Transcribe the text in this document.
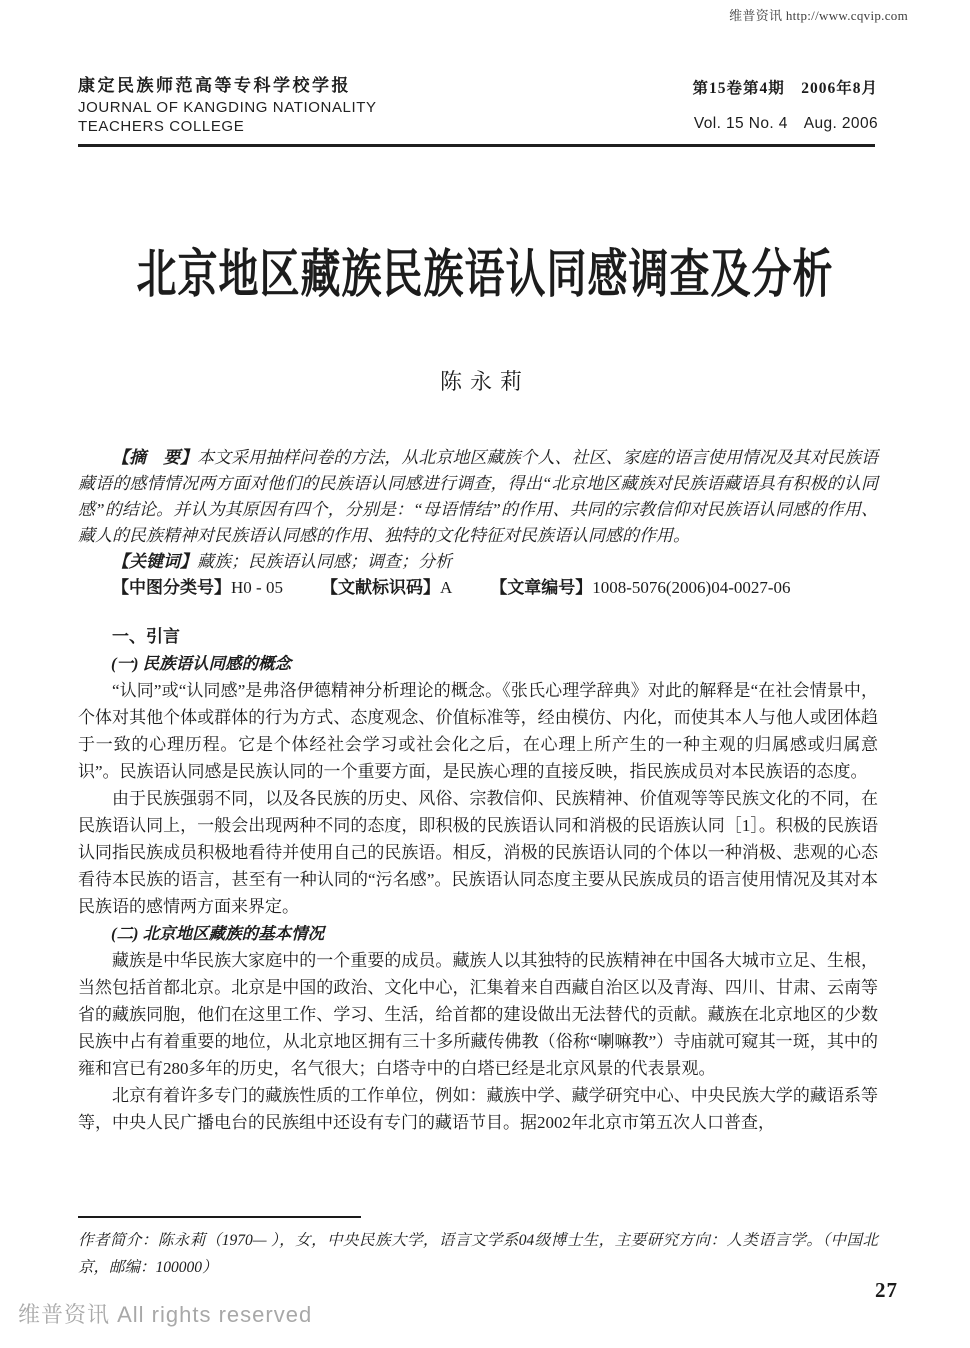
维普资讯 http://www.cqvip.com
康定民族师范高等专科学校学报
JOURNAL OF KANGDING NATIONALITY
TEACHERS COLLEGE
第15卷第4期　2006年8月
Vol. 15 No. 4　Aug. 2006
北京地区藏族民族语认同感调查及分析
陈永莉

【摘　要】本文采用抽样问卷的方法，从北京地区藏族个人、社区、家庭的语言使用情况及其对民族语藏语的感情情况两方面对他们的民族语认同感进行调查，得出“北京地区藏族对民族语藏语具有积极的认同感”的结论。并认为其原因有四个，分别是：“母语情结”的作用、共同的宗教信仰对民族语认同感的作用、藏人的民族精神对民族语认同感的作用、独特的文化特征对民族语认同感的作用。

【关键词】藏族；民族语认同感；调查；分析

【中图分类号】H0 - 05 【文献标识码】A 【文章编号】1008-5076(2006)04-0027-06

一、引言
(一) 民族语认同感的概念

“认同”或“认同感”是弗洛伊德精神分析理论的概念。《张氏心理学辞典》对此的解释是“在社会情景中，个体对其他个体或群体的行为方式、态度观念、价值标准等，经由模仿、内化，而使其本人与他人或团体趋于一致的心理历程。它是个体经社会学习或社会化之后，在心理上所产生的一种主观的归属感或归属意识”。民族语认同感是民族认同的一个重要方面，是民族心理的直接反映，指民族成员对本民族语的态度。

由于民族强弱不同，以及各民族的历史、风俗、宗教信仰、民族精神、价值观等等民族文化的不同，在民族语认同上，一般会出现两种不同的态度，即积极的民族语认同和消极的民语族认同［1］。积极的民族语认同指民族成员积极地看待并使用自己的民族语。相反，消极的民族语认同的个体以一种消极、悲观的心态看待本民族的语言，甚至有一种认同的“污名感”。民族语认同态度主要从民族成员的语言使用情况及其对本民族语的感情两方面来界定。

(二) 北京地区藏族的基本情况

藏族是中华民族大家庭中的一个重要的成员。藏族人以其独特的民族精神在中国各大城市立足、生根，当然包括首都北京。北京是中国的政治、文化中心，汇集着来自西藏自治区以及青海、四川、甘肃、云南等省的藏族同胞，他们在这里工作、学习、生活，给首都的建设做出无法替代的贡献。藏族在北京地区的少数民族中占有着重要的地位，从北京地区拥有三十多所藏传佛教（俗称“喇嘛教”）寺庙就可窥其一斑，其中的雍和宫已有280多年的历史，名气很大；白塔寺中的白塔已经是北京风景的代表景观。

北京有着许多专门的藏族性质的工作单位，例如：藏族中学、藏学研究中心、中央民族大学的藏语系等等，中央人民广播电台的民族组中还设有专门的藏语节目。据2002年北京市第五次人口普查，

作者简介：陈永莉（1970— ），女，中央民族大学，语言文学系04级博士生，主要研究方向：人类语言学。（中国北京，邮编：100000）

27
维普资讯 All rights reserved
